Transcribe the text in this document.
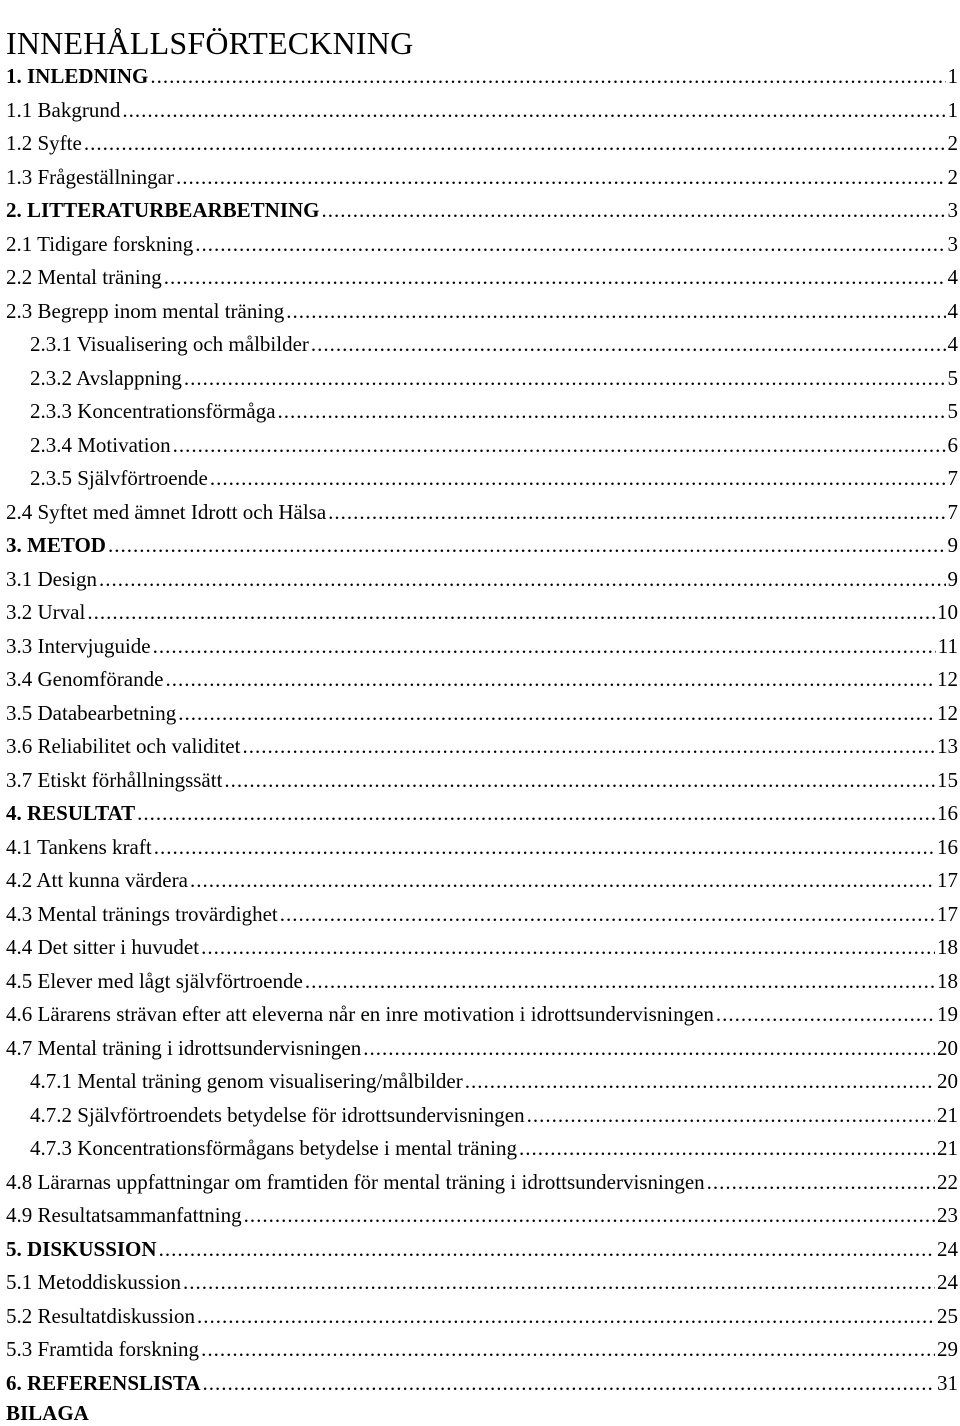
INNEHÅLLSFÖRTECKNING
1. INLEDNING .....	1
1.1 Bakgrund .....	1
1.2 Syfte .....	2
1.3 Frågeställningar .....	2
2. LITTERATURBEARBETNING .....	3
2.1 Tidigare forskning .....	3
2.2 Mental träning .....	4
2.3 Begrepp inom mental träning .....	4
2.3.1 Visualisering och målbilder .....	4
2.3.2 Avslappning .....	5
2.3.3 Koncentrationsförmåga .....	5
2.3.4 Motivation .....	6
2.3.5 Självförtroende .....	7
2.4 Syftet med ämnet Idrott och Hälsa .....	7
3. METOD .....	9
3.1 Design .....	9
3.2 Urval .....	10
3.3 Intervjuguide .....	11
3.4 Genomförande .....	12
3.5 Databearbetning .....	12
3.6 Reliabilitet och validitet .....	13
3.7 Etiskt förhållningssätt .....	15
4. RESULTAT .....	16
4.1 Tankens kraft .....	16
4.2 Att kunna värdera .....	17
4.3 Mental tränings trovärdighet .....	17
4.4 Det sitter i huvudet .....	18
4.5 Elever med lågt självförtroende .....	18
4.6 Lärarens strävan efter att eleverna når en inre motivation i idrottsundervisningen .....	19
4.7 Mental träning i idrottsundervisningen .....	20
4.7.1 Mental träning genom visualisering/målbilder .....	20
4.7.2 Självförtroendets betydelse för idrottsundervisningen .....	21
4.7.3 Koncentrationsförmågans betydelse i mental träning .....	21
4.8 Lärarnas uppfattningar om framtiden för mental träning i idrottsundervisningen .....	22
4.9 Resultatsammanfattning .....	23
5. DISKUSSION .....	24
5.1 Metoddiskussion .....	24
5.2 Resultatdiskussion .....	25
5.3 Framtida forskning .....	29
6. REFERENSLISTA .....	31
BILAGA
